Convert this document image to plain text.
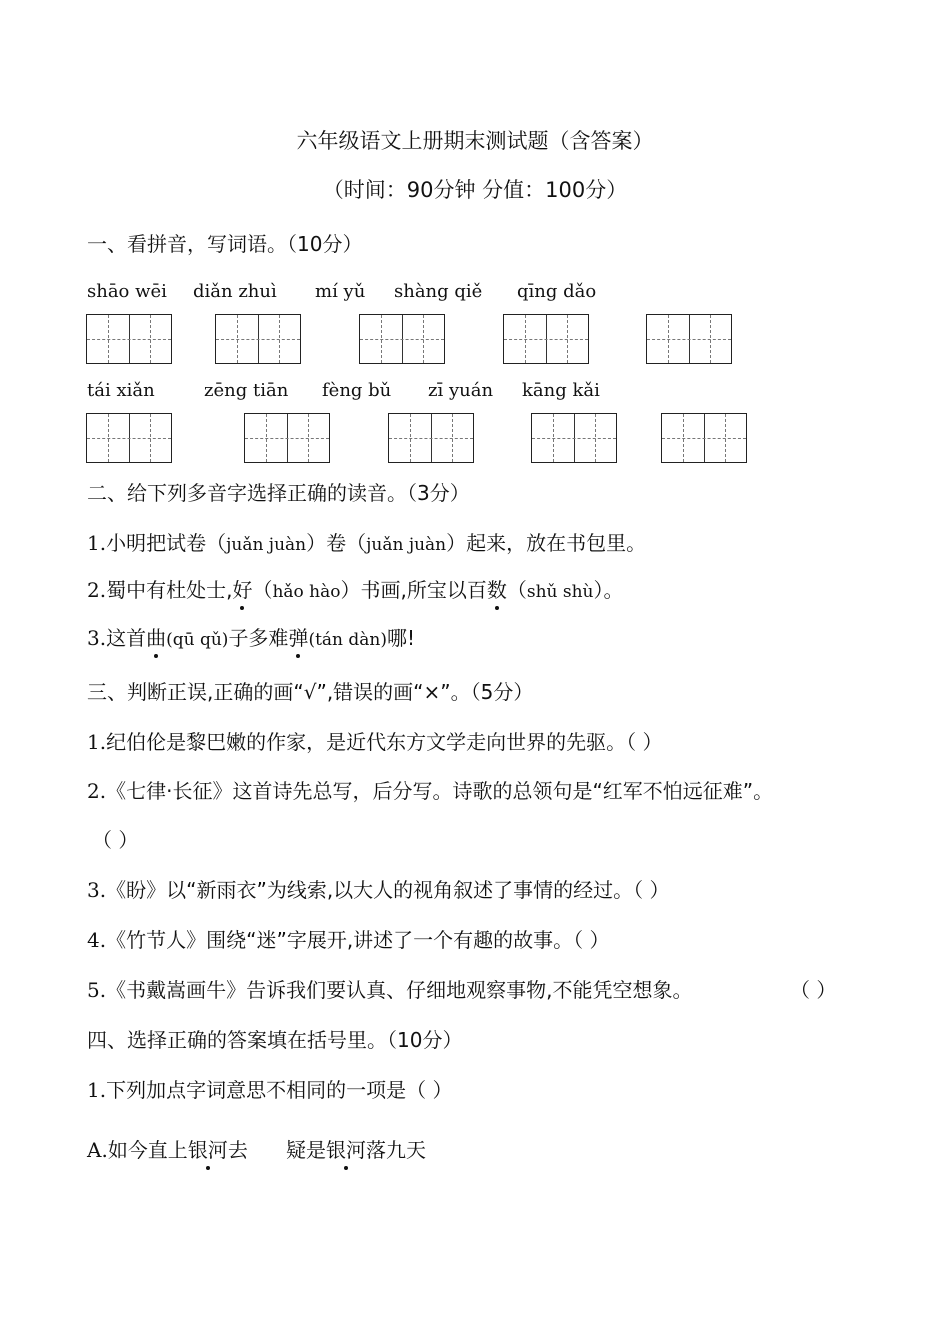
六年级语文上册期末测试题（含答案）
（时间：90分钟 分值：100分）
一、看拼音，写词语。（10分）
shāo wēi diǎn zhuì mí yǔ shàng qiě qīng dǎo
tái xiǎn	zēng tiān fèng bǔ zī yuán kāng kǎi
二、给下列多音字选择正确的读音。（3分）
1.小明把试卷（juǎn juàn）卷（juǎn juàn）起来，放在书包里。
2.蜀中有杜处士,好（hǎo hào）书画,所宝以百数（shǔ shù）。
3.这首曲(qū qǔ)子多难弹(tán dàn)哪!
三、判断正误,正确的画“√”,错误的画“×”。（5分）
1.纪伯伦是黎巴嫩的作家，是近代东方文学走向世界的先驱。（ ）
2.《七律·长征》这首诗先总写，后分写。诗歌的总领句是“红军不怕远征难”。
（ ）
3.《盼》以“新雨衣”为线索,以大人的视角叙述了事情的经过。（ ）
4.《竹节人》围绕“迷”字展开,讲述了一个有趣的故事。（ ）
5.《书戴嵩画牛》告诉我们要认真、仔细地观察事物,不能凭空想象。	（ ）
四、选择正确的答案填在括号里。（10分）
1.下列加点字词意思不相同的一项是（ ）
A.如今直上银河去      疑是银河落九天
